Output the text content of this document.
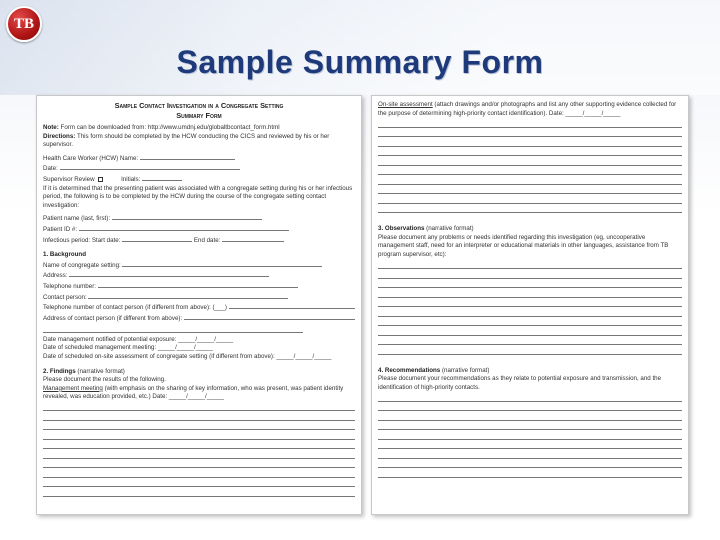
TB
Sample Summary Form
Sample Contact Investigation in a Congregate Setting
Summary Form
Note: Form can be downloaded from: http://www.umdnj.edu/globaltbcontact_form.html
Directions: This form should be completed by the HCW conducting the CICS and reviewed by his or her supervisor.
Health Care Worker (HCW) Name:
Date:
Supervisor Review	Initials:
If it is determined that the presenting patient was associated with a congregate setting during his or her infectious period, the following is to be completed by the HCW during the course of the congregate setting contact investigation:
Patient name (last, first):
Patient ID #:
Infectious period: Start date:	End date:
1. Background
Name of congregate setting:
Address:
Telephone number:
Contact person:
Telephone number of contact person (if different from above): (___)
Address of contact person (if different from above):
Date management notified of potential exposure: _____/_____/_____
Date of scheduled management meeting: _____/_____/_____
Date of scheduled on-site assessment of congregate setting (if different from above): _____/_____/_____
2. Findings (narrative format)
Please document the results of the following.
Management meeting (with emphasis on the sharing of key information, who was present, was patient identity revealed, was education provided, etc.) Date: _____/_____/_____
On-site assessment (attach drawings and/or photographs and list any other supporting evidence collected for the purpose of determining high-priority contact identification). Date: _____/_____/_____
3. Observations (narrative format)
Please document any problems or needs identified regarding this investigation (eg, uncooperative management staff, need for an interpreter or educational materials in other languages, assistance from TB program supervisor, etc):
4. Recommendations (narrative format)
Please document your recommendations as they relate to potential exposure and transmission, and the identification of high-priority contacts.
